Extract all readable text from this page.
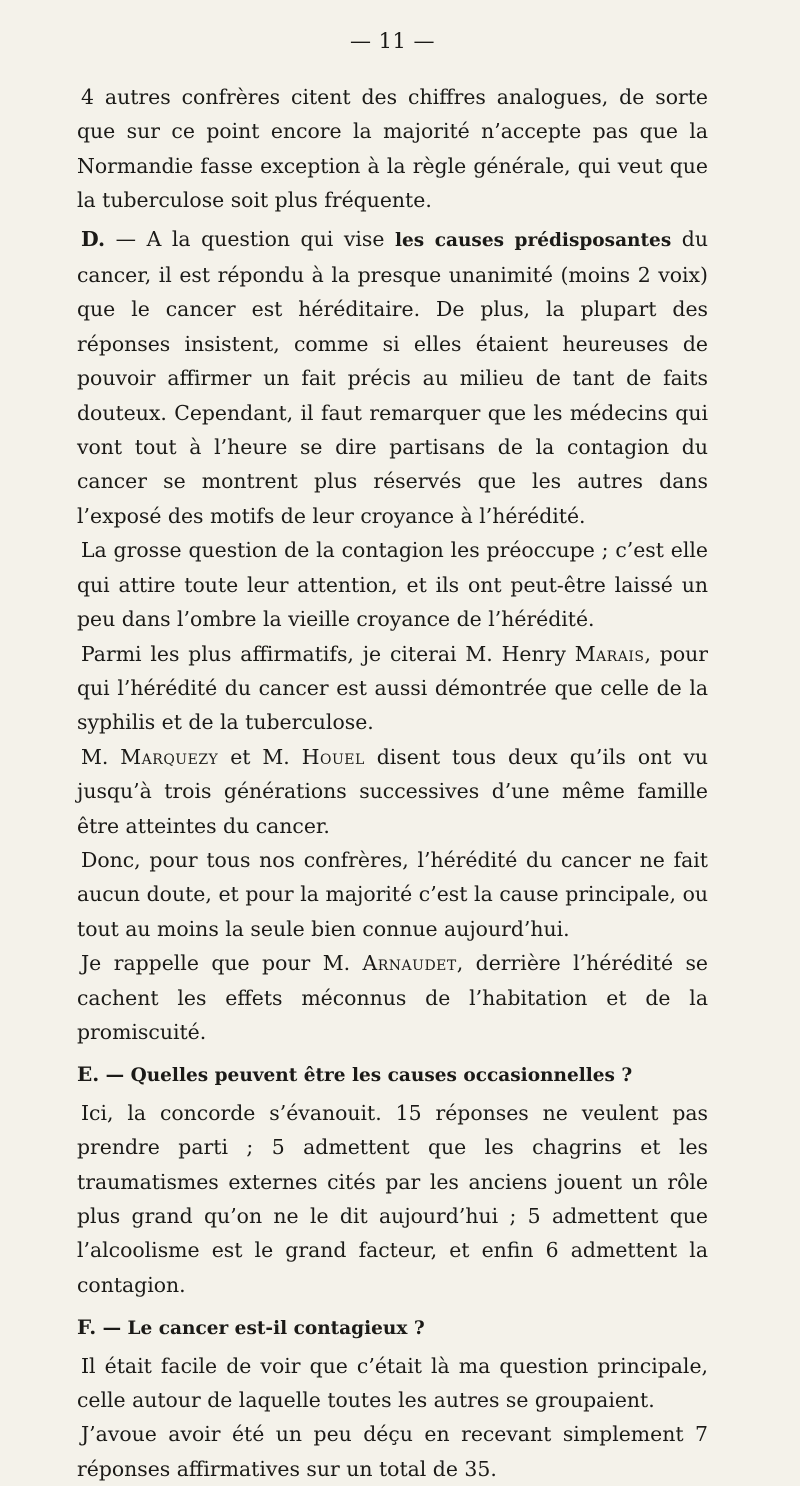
— 11 —

4 autres confrères citent des chiffres analogues, de sorte que sur ce point encore la majorité n’accepte pas que la Normandie fasse exception à la règle générale, qui veut que la tuberculose soit plus fréquente.

D. — A la question qui vise les causes prédisposantes du cancer, il est répondu à la presque unanimité (moins 2 voix) que le cancer est héréditaire. De plus, la plupart des réponses insistent, comme si elles étaient heureuses de pouvoir affirmer un fait précis au milieu de tant de faits douteux. Cependant, il faut remarquer que les médecins qui vont tout à l’heure se dire partisans de la contagion du cancer se montrent plus réservés que les autres dans l’exposé des motifs de leur croyance à l’hérédité.

La grosse question de la contagion les préoccupe ; c’est elle qui attire toute leur attention, et ils ont peut-être laissé un peu dans l’ombre la vieille croyance de l’hérédité.

Parmi les plus affirmatifs, je citerai M. Henry Marais, pour qui l’hérédité du cancer est aussi démontrée que celle de la syphilis et de la tuberculose.

M. Marquezy et M. Houel disent tous deux qu’ils ont vu jusqu’à trois générations successives d’une même famille être atteintes du cancer.

Donc, pour tous nos confrères, l’hérédité du cancer ne fait aucun doute, et pour la majorité c’est la cause principale, ou tout au moins la seule bien connue aujourd’hui.

Je rappelle que pour M. Arnaudet, derrière l’hérédité se cachent les effets méconnus de l’habitation et de la promiscuité.

E. — Quelles peuvent être les causes occasionnelles ?

Ici, la concorde s’évanouit. 15 réponses ne veulent pas prendre parti ; 5 admettent que les chagrins et les traumatismes externes cités par les anciens jouent un rôle plus grand qu’on ne le dit aujourd’hui ; 5 admettent que l’alcoolisme est le grand facteur, et enfin 6 admettent la contagion.

F. — Le cancer est-il contagieux ?

Il était facile de voir que c’était là ma question principale, celle autour de laquelle toutes les autres se groupaient.

J’avoue avoir été un peu déçu en recevant simplement 7 réponses affirmatives sur un total de 35.
